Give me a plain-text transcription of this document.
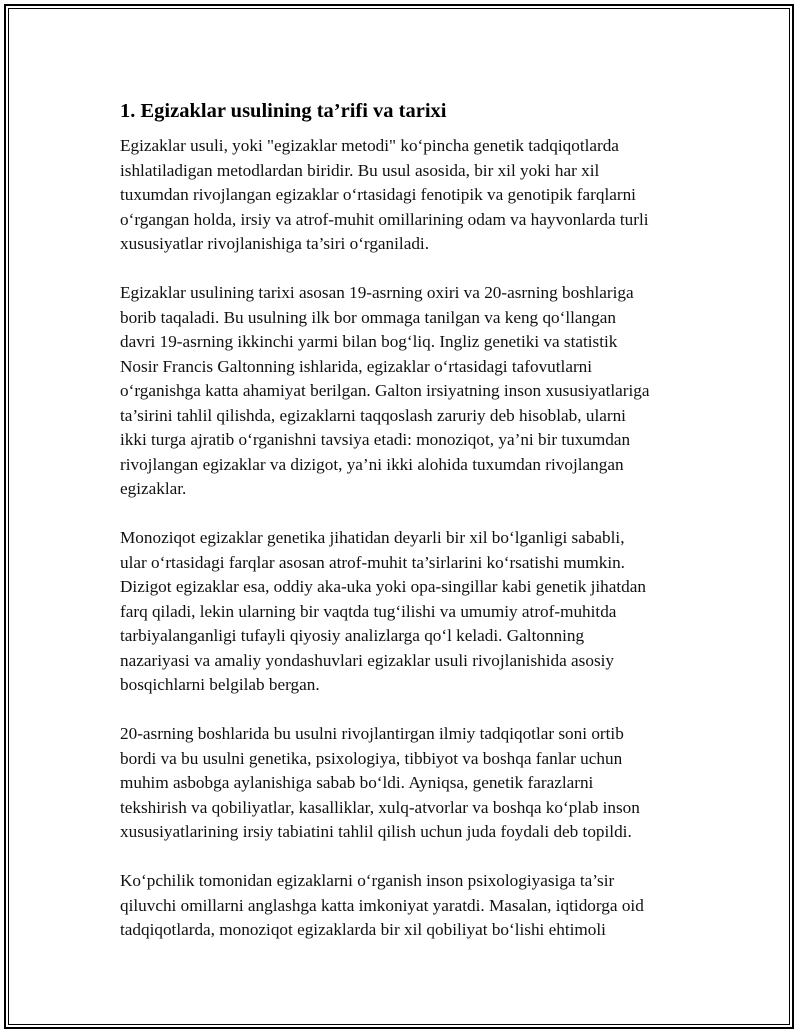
1. Egizaklar usulining ta’rifi va tarixi

Egizaklar usuli, yoki "egizaklar metodi" ko‘pincha genetik tadqiqotlarda
ishlatiladigan metodlardan biridir. Bu usul asosida, bir xil yoki har xil
tuxumdan rivojlangan egizaklar o‘rtasidagi fenotipik va genotipik farqlarni
o‘rgangan holda, irsiy va atrof-muhit omillarining odam va hayvonlarda turli
xususiyatlar rivojlanishiga ta’siri o‘rganiladi.

Egizaklar usulining tarixi asosan 19-asrning oxiri va 20-asrning boshlariga
borib taqaladi. Bu usulning ilk bor ommaga tanilgan va keng qo‘llangan
davri 19-asrning ikkinchi yarmi bilan bog‘liq. Ingliz genetiki va statistik
Nosir Francis Galtonning ishlarida, egizaklar o‘rtasidagi tafovutlarni
o‘rganishga katta ahamiyat berilgan. Galton irsiyatning inson xususiyatlariga
ta’sirini tahlil qilishda, egizaklarni taqqoslash zaruriy deb hisoblab, ularni
ikki turga ajratib o‘rganishni tavsiya etadi: monoziqot, ya’ni bir tuxumdan
rivojlangan egizaklar va dizigot, ya’ni ikki alohida tuxumdan rivojlangan
egizaklar.

Monoziqot egizaklar genetika jihatidan deyarli bir xil bo‘lganligi sababli,
ular o‘rtasidagi farqlar asosan atrof-muhit ta’sirlarini ko‘rsatishi mumkin.
Dizigot egizaklar esa, oddiy aka-uka yoki opa-singillar kabi genetik jihatdan
farq qiladi, lekin ularning bir vaqtda tug‘ilishi va umumiy atrof-muhitda
tarbiyalanganligi tufayli qiyosiy analizlarga qo‘l keladi. Galtonning
nazariyasi va amaliy yondashuvlari egizaklar usuli rivojlanishida asosiy
bosqichlarni belgilab bergan.

20-asrning boshlarida bu usulni rivojlantirgan ilmiy tadqiqotlar soni ortib
bordi va bu usulni genetika, psixologiya, tibbiyot va boshqa fanlar uchun
muhim asbobga aylanishiga sabab bo‘ldi. Ayniqsa, genetik farazlarni
tekshirish va qobiliyatlar, kasalliklar, xulq-atvorlar va boshqa ko‘plab inson
xususiyatlarining irsiy tabiatini tahlil qilish uchun juda foydali deb topildi.

Ko‘pchilik tomonidan egizaklarni o‘rganish inson psixologiyasiga ta’sir
qiluvchi omillarni anglashga katta imkoniyat yaratdi. Masalan, iqtidorga oid
tadqiqotlarda, monoziqot egizaklarda bir xil qobiliyat bo‘lishi ehtimoli
